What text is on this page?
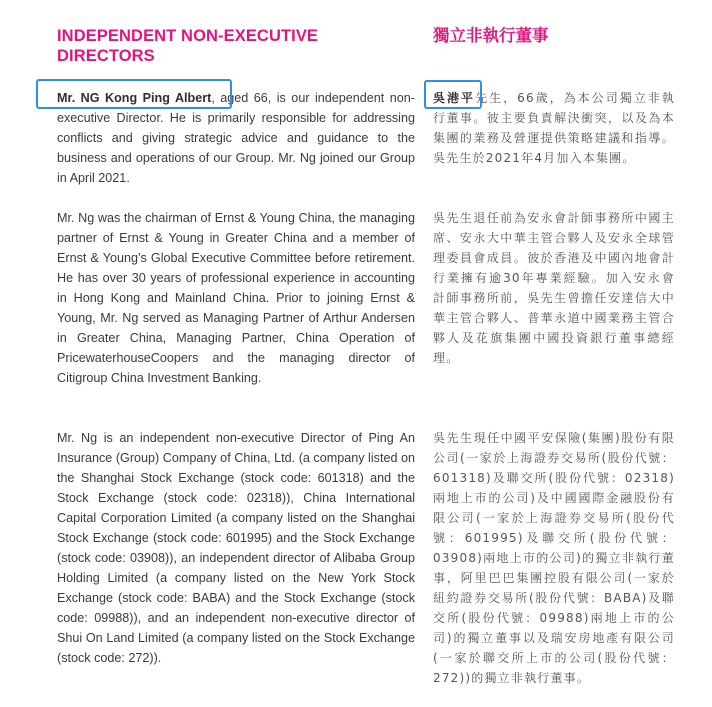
INDEPENDENT NON-EXECUTIVE DIRECTORS

Mr. NG Kong Ping Albert, aged 66, is our independent non-executive Director. He is primarily responsible for addressing conflicts and giving strategic advice and guidance to the business and operations of our Group. Mr. Ng joined our Group in April 2021.

Mr. Ng was the chairman of Ernst & Young China, the managing partner of Ernst & Young in Greater China and a member of Ernst & Young’s Global Executive Committee before retirement. He has over 30 years of professional experience in accounting in Hong Kong and Mainland China. Prior to joining Ernst & Young, Mr. Ng served as Managing Partner of Arthur Andersen in Greater China, Managing Partner, China Operation of PricewaterhouseCoopers and the managing director of Citigroup China Investment Banking.

Mr. Ng is an independent non-executive Director of Ping An Insurance (Group) Company of China, Ltd. (a company listed on the Shanghai Stock Exchange (stock code: 601318) and the Stock Exchange (stock code: 02318)), China International Capital Corporation Limited (a company listed on the Shanghai Stock Exchange (stock code: 601995) and the Stock Exchange (stock code: 03908)), an independent director of Alibaba Group Holding Limited (a company listed on the New York Stock Exchange (stock code: BABA) and the Stock Exchange (stock code: 09988)), and an independent non-executive director of Shui On Land Limited (a company listed on the Stock Exchange (stock code: 272)).

獨立非執行董事

吳港平先生，66歲，為本公司獨立非執行董事。彼主要負責解決衝突，以及為本集團的業務及營運提供策略建議和指導。吳先生於2021年4月加入本集團。

吳先生退任前為安永會計師事務所中國主席、安永大中華主管合夥人及安永全球管理委員會成員。彼於香港及中國內地會計行業擁有逾30年專業經驗。加入安永會計師事務所前，吳先生曾擔任安達信大中華主管合夥人、普華永道中國業務主管合夥人及花旗集團中國投資銀行董事總經理。

吳先生現任中國平安保險(集團)股份有限公司(一家於上海證券交易所(股份代號：601318)及聯交所(股份代號：02318)兩地上市的公司)及中國國際金融股份有限公司(一家於上海證券交易所(股份代號：601995)及聯交所(股份代號：03908)兩地上市的公司)的獨立非執行董事，阿里巴巴集團控股有限公司(一家於紐約證券交易所(股份代號：BABA)及聯交所(股份代號：09988)兩地上市的公司)的獨立董事以及瑞安房地產有限公司(一家於聯交所上市的公司(股份代號：272))的獨立非執行董事。
